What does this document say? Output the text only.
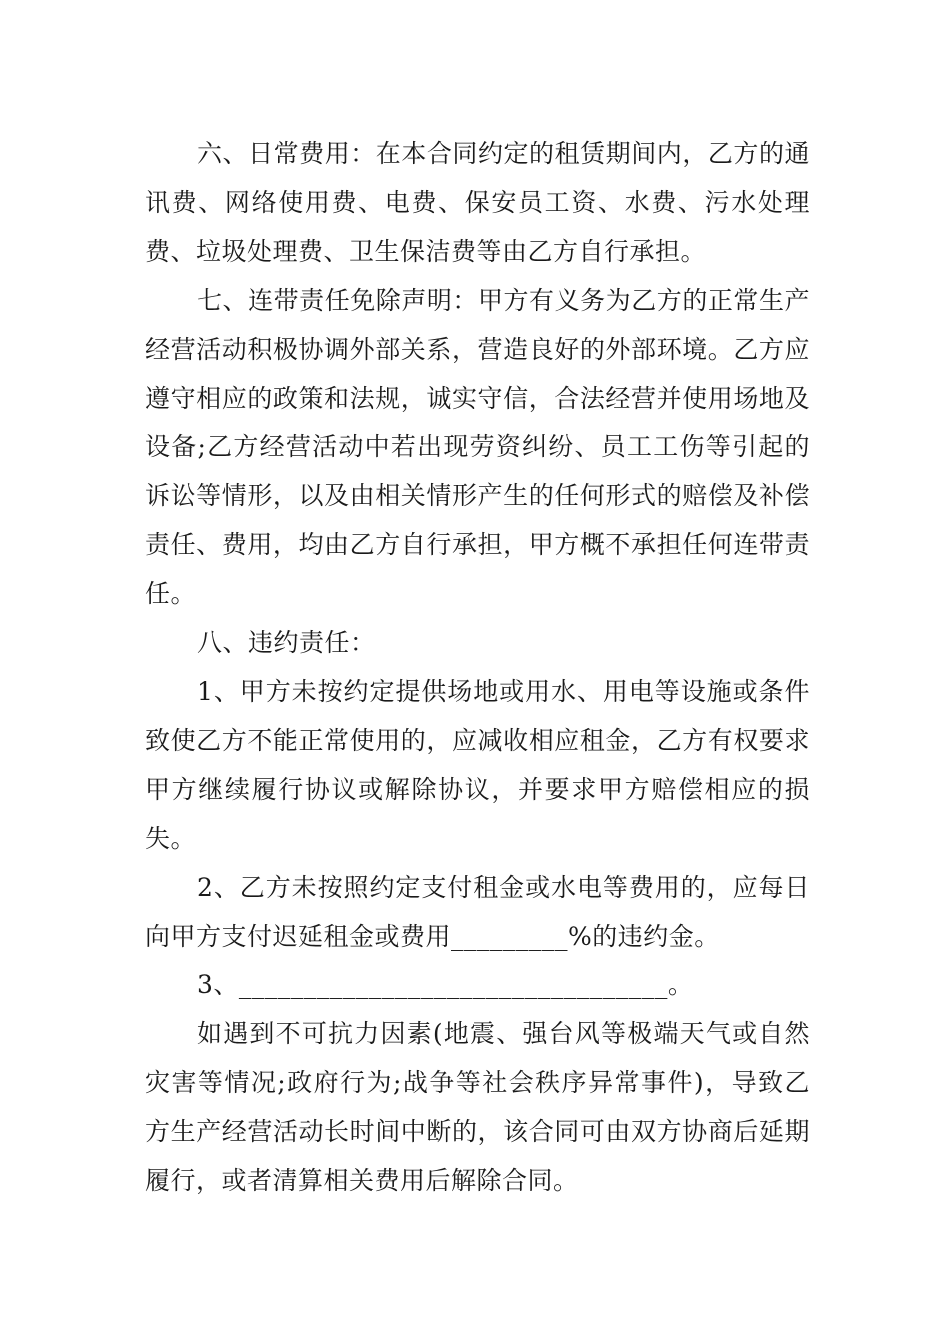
六、日常费用：在本合同约定的租赁期间内，乙方的通讯费、网络使用费、电费、保安员工资、水费、污水处理费、垃圾处理费、卫生保洁费等由乙方自行承担。

七、连带责任免除声明：甲方有义务为乙方的正常生产经营活动积极协调外部关系，营造良好的外部环境。乙方应遵守相应的政策和法规，诚实守信，合法经营并使用场地及设备;乙方经营活动中若出现劳资纠纷、员工工伤等引起的诉讼等情形，以及由相关情形产生的任何形式的赔偿及补偿责任、费用，均由乙方自行承担，甲方概不承担任何连带责任。

八、违约责任：

1、甲方未按约定提供场地或用水、用电等设施或条件致使乙方不能正常使用的，应减收相应租金，乙方有权要求甲方继续履行协议或解除协议，并要求甲方赔偿相应的损失。

2、乙方未按照约定支付租金或水电等费用的，应每日向甲方支付迟延租金或费用_________%的违约金。

3、_________________________________。

如遇到不可抗力因素(地震、强台风等极端天气或自然灾害等情况;政府行为;战争等社会秩序异常事件)，导致乙方生产经营活动长时间中断的，该合同可由双方协商后延期履行，或者清算相关费用后解除合同。
